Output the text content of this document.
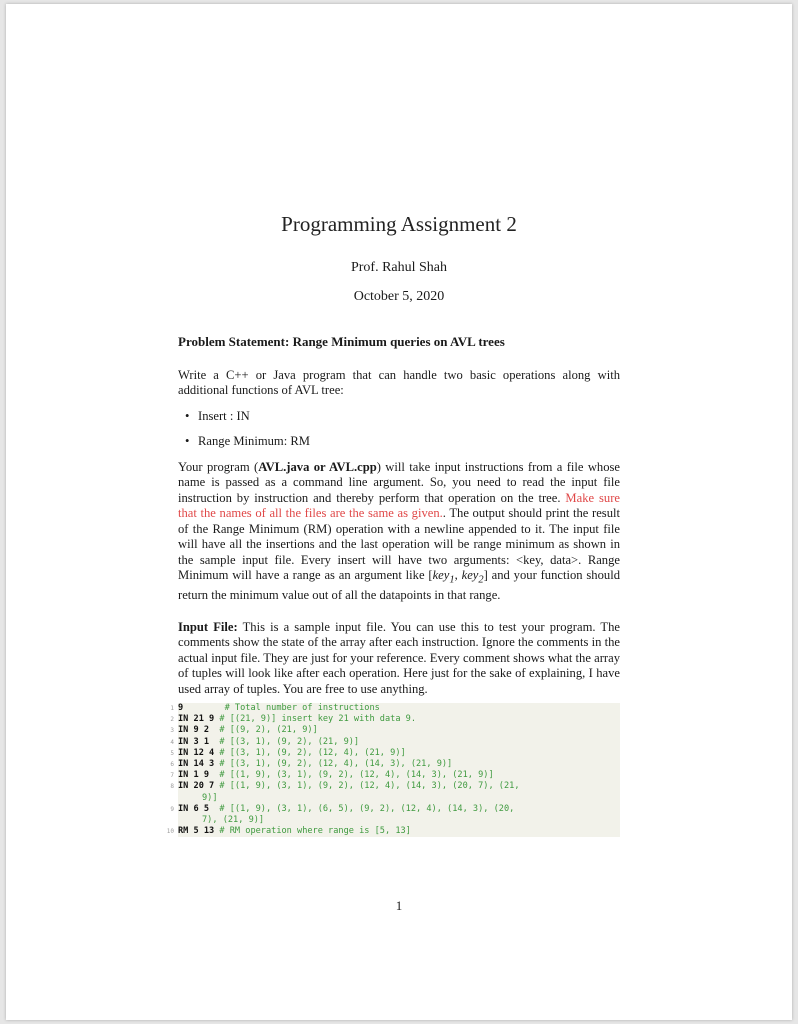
Programming Assignment 2
Prof. Rahul Shah
October 5, 2020
Problem Statement: Range Minimum queries on AVL trees

Write a C++ or Java program that can handle two basic operations along with additional functions of AVL tree:

• Insert : IN
• Range Minimum: RM

Your program (AVL.java or AVL.cpp) will take input instructions from a file whose name is passed as a command line argument. So, you need to read the input file instruction by instruction and thereby perform that operation on the tree. Make sure that the names of all the files are the same as given.. The output should print the result of the Range Minimum (RM) operation with a newline appended to it. The input file will have all the insertions and the last operation will be range minimum as shown in the sample input file. Every insert will have two arguments: <key, data>. Range Minimum will have a range as an argument like [key$_1$, key$_2$] and your function should return the minimum value out of all the datapoints in that range.

Input File: This is a sample input file. You can use this to test your program. The comments show the state of the array after each instruction. Ignore the comments in the actual input file. They are just for your reference. Every comment shows what the array of tuples will look like after each operation. Here just for the sake of explaining, I have used array of tuples. You are free to use anything.

1 9        # Total number of instructions
2 IN 21 9 # [(21, 9)] insert key 21 with data 9.
3 IN 9 2  # [(9, 2), (21, 9)]
4 IN 3 1  # [(3, 1), (9, 2), (21, 9)]
5 IN 12 4 # [(3, 1), (9, 2), (12, 4), (21, 9)]
6 IN 14 3 # [(3, 1), (9, 2), (12, 4), (14, 3), (21, 9)]
7 IN 1 9  # [(1, 9), (3, 1), (9, 2), (12, 4), (14, 3), (21, 9)]
8 IN 20 7 # [(1, 9), (3, 1), (9, 2), (12, 4), (14, 3), (20, 7), (21,
9)]
9 IN 6 5  # [(1, 9), (3, 1), (6, 5), (9, 2), (12, 4), (14, 3), (20,
7), (21, 9)]
10 RM 5 13 # RM operation where range is [5, 13]
1
